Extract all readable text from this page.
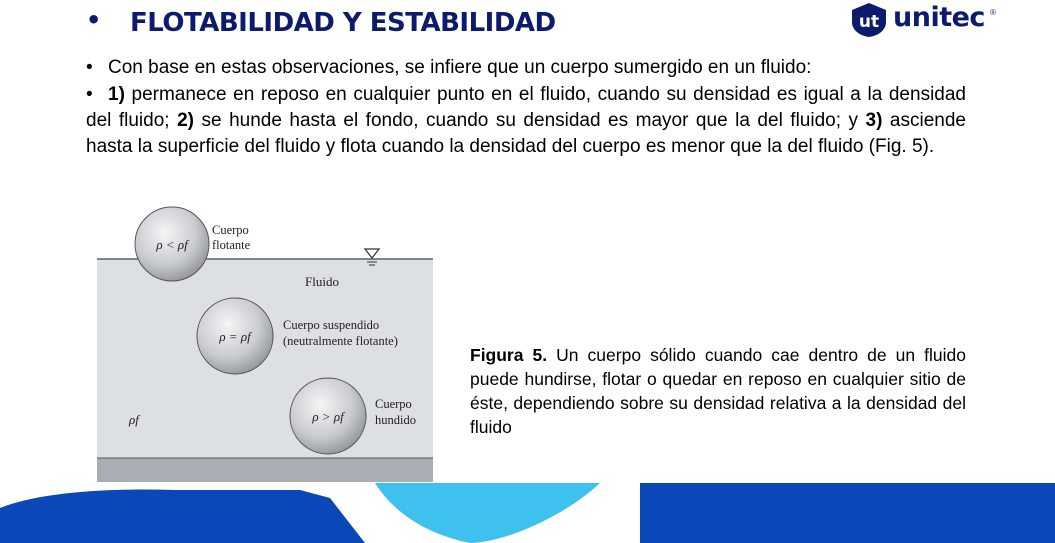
• FLOTABILIDAD Y ESTABILIDAD	ut unitec ®
• Con base en estas observaciones, se infiere que un cuerpo sumergido en un fluido:
• 1) permanece en reposo en cualquier punto en el fluido, cuando su densidad es igual a la densidad del fluido; 2) se hunde hasta el fondo, cuando su densidad es mayor que la del fluido; y 3) asciende hasta la superficie del fluido y flota cuando la densidad del cuerpo es menor que la del fluido (Fig. 5).
ρ < ρf
Cuerpo
flotante
Fluido
ρ = ρf
Cuerpo suspendido
(neutralmente flotante)
ρ > ρf
Cuerpo
hundido
ρf
Figura 5. Un cuerpo sólido cuando cae dentro de un fluido puede hundirse, flotar o quedar en reposo en cualquier sitio de éste, dependiendo sobre su densidad relativa a la densidad del fluido
